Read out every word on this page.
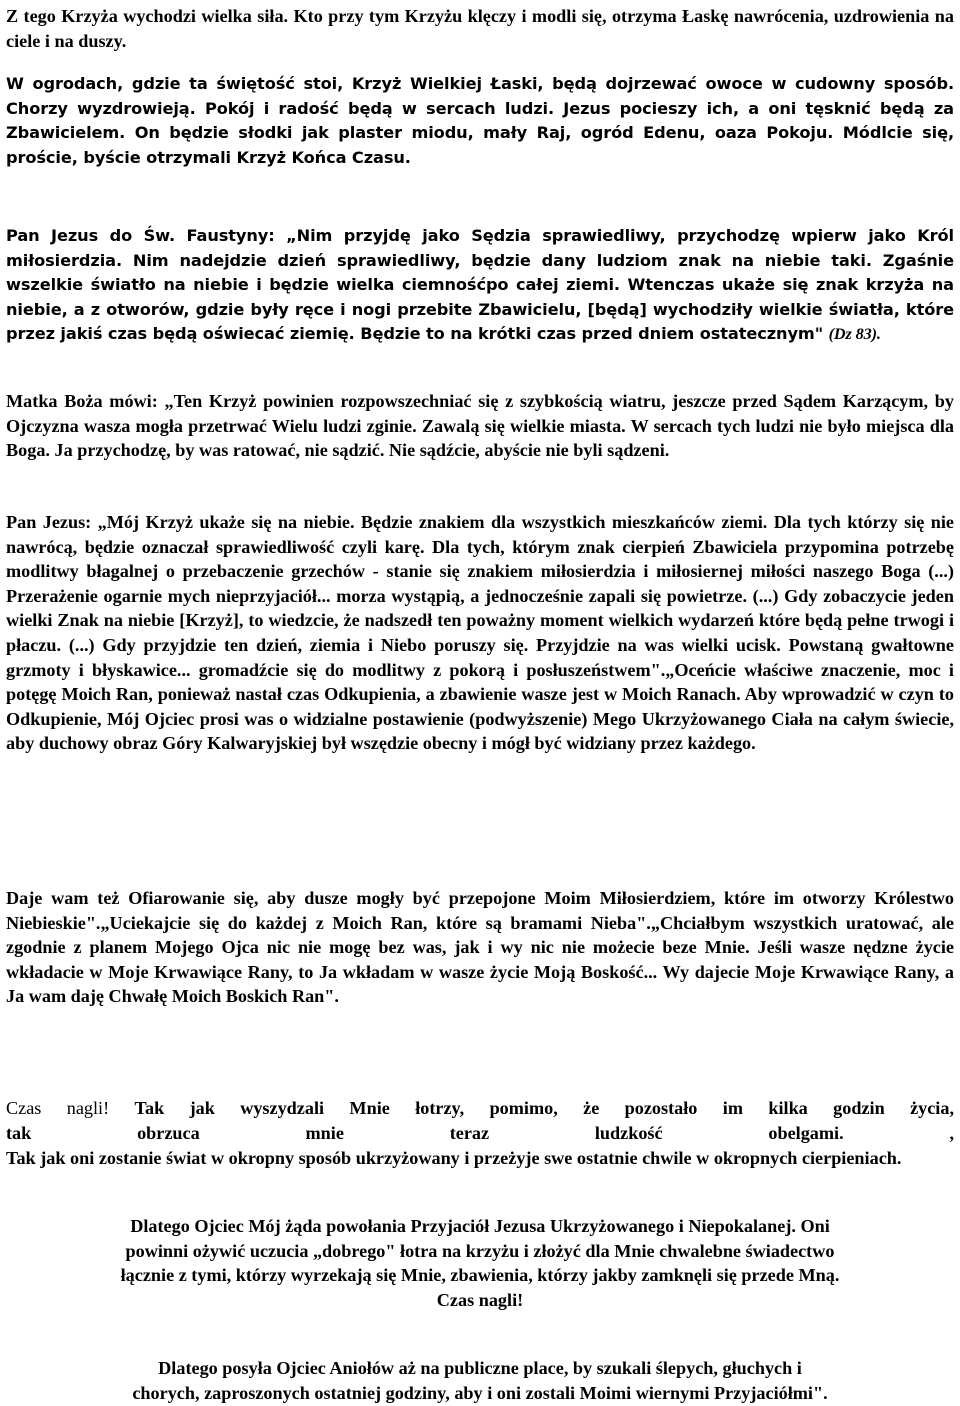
Z tego Krzyża wychodzi wielka siła. Kto przy tym Krzyżu klęczy i modli się, otrzyma Łaskę nawrócenia, uzdrowienia na ciele i na duszy.

W ogrodach, gdzie ta świętość stoi, Krzyż Wielkiej Łaski, będą dojrzewać owoce w cudowny sposób. Chorzy wyzdrowieją. Pokój i radość będą w sercach ludzi. Jezus pocieszy ich, a oni tęsknić będą za Zbawicielem. On będzie słodki jak plaster miodu, mały Raj, ogród Edenu, oaza Pokoju. Módlcie się, proście, byście otrzymali Krzyż Końca Czasu.

Pan Jezus do Św. Faustyny: „Nim przyjdę jako Sędzia sprawiedliwy, przychodzę wpierw jako Król miłosierdzia. Nim nadejdzie dzień sprawiedliwy, będzie dany ludziom znak na niebie taki. Zgaśnie wszelkie światło na niebie i będzie wielka ciemnośćpo całej ziemi. Wtenczas ukaże się znak krzyża na niebie, a z otworów, gdzie były ręce i nogi przebite Zbawicielu, [będą] wychodziły wielkie światła, które przez jakiś czas będą oświecać ziemię. Będzie to na krótki czas przed dniem ostatecznym" (Dz 83).

Matka Boża mówi: „Ten Krzyż powinien rozpowszechniać się z szybkością wiatru, jeszcze przed Sądem Karzącym, by Ojczyzna wasza mogła przetrwać Wielu ludzi zginie. Zawalą się wielkie miasta. W sercach tych ludzi nie było miejsca dla Boga. Ja przychodzę, by was ratować, nie sądzić. Nie sądźcie, abyście nie byli sądzeni.

Pan Jezus: „Mój Krzyż ukaże się na niebie. Będzie znakiem dla wszystkich mieszkańców ziemi. Dla tych którzy się nie nawrócą, będzie oznaczał sprawiedliwość czyli karę. Dla tych, którym znak cierpień Zbawiciela przypomina potrzebę modlitwy błagalnej o przebaczenie grzechów - stanie się znakiem miłosierdzia i miłosiernej miłości naszego Boga (...) Przerażenie ogarnie mych nieprzyjaciół... morza wystąpią, a jednocześnie zapali się powietrze. (...) Gdy zobaczycie jeden wielki Znak na niebie [Krzyż], to wiedzcie, że nadszedł ten poważny moment wielkich wydarzeń które będą pełne trwogi i płaczu. (...) Gdy przyjdzie ten dzień, ziemia i Niebo poruszy się. Przyjdzie na was wielki ucisk. Powstaną gwałtowne grzmoty i błyskawice... gromadźcie się do modlitwy z pokorą i posłuszeństwem".„Oceńcie właściwe znaczenie, moc i potęgę Moich Ran, ponieważ nastał czas Odkupienia, a zbawienie wasze jest w Moich Ranach. Aby wprowadzić w czyn to Odkupienie, Mój Ojciec prosi was o widzialne postawienie (podwyższenie) Mego Ukrzyżowanego Ciała na całym świecie, aby duchowy obraz Góry Kalwaryjskiej był wszędzie obecny i mógł być widziany przez każdego.

Daje wam też Ofiarowanie się, aby dusze mogły być przepojone Moim Miłosierdziem, które im otworzy Królestwo Niebieskie".„Uciekajcie się do każdej z Moich Ran, które są bramami Nieba".„Chciałbym wszystkich uratować, ale zgodnie z planem Mojego Ojca nic nie mogę bez was, jak i wy nic nie możecie beze Mnie. Jeśli wasze nędzne życie wkładacie w Moje Krwawiące Rany, to Ja wkładam w wasze życie Moją Boskość... Wy dajecie Moje Krwawiące Rany, a Ja wam daję Chwałę Moich Boskich Ran".

Czas nagli! Tak jak wyszydzali Mnie łotrzy, pomimo, że pozostało im kilka godzin życia,
tak obrzuca mnie teraz ludzkość obelgami. ,
Tak jak oni zostanie świat w okropny sposób ukrzyżowany i przeżyje swe ostatnie chwile w okropnych cierpieniach.
Dlatego Ojciec Mój żąda powołania Przyjaciół Jezusa Ukrzyżowanego i Niepokalanej. Oni
powinni ożywić uczucia „dobrego" łotra na krzyżu i złożyć dla Mnie chwalebne świadectwo
łącznie z tymi, którzy wyrzekają się Mnie, zbawienia, którzy jakby zamknęli się przede Mną.
Czas nagli!
Dlatego posyła Ojciec Aniołów aż na publiczne place, by szukali ślepych, głuchych i
chorych, zaproszonych ostatniej godziny, aby i oni zostali Moimi wiernymi Przyjaciółmi".
